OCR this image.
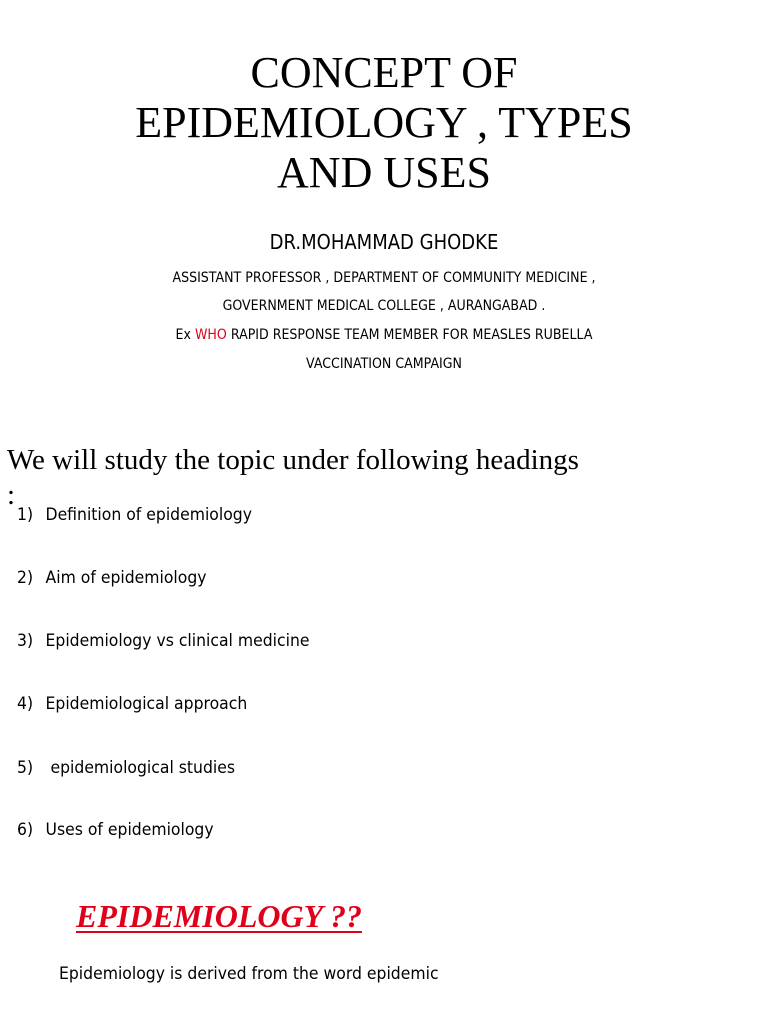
CONCEPT OF
EPIDEMIOLOGY , TYPES
AND USES
DR.MOHAMMAD GHODKE
ASSISTANT PROFESSOR , DEPARTMENT OF COMMUNITY MEDICINE ,
GOVERNMENT MEDICAL COLLEGE , AURANGABAD .
Ex WHO RAPID RESPONSE TEAM MEMBER FOR MEASLES RUBELLA
VACCINATION CAMPAIGN
We will study the topic under following headings
:
1) Definition of epidemiology
2) Aim of epidemiology
3) Epidemiology vs clinical medicine
4) Epidemiological approach
5) epidemiological studies
6) Uses of epidemiology
EPIDEMIOLOGY ??
Epidemiology is derived from the word epidemic
